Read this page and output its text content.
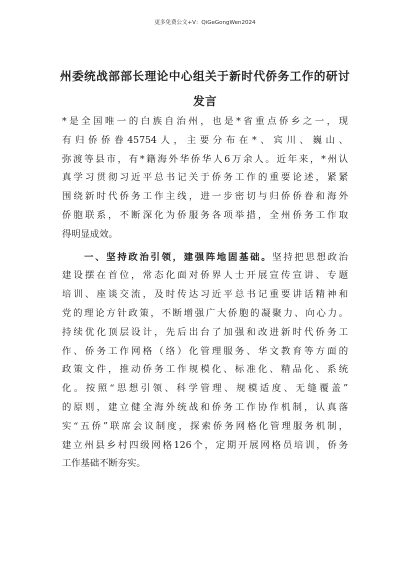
更多免费公文+V：QiGeGongWen2024
州委统战部部长理论中心组关于新时代侨务工作的研讨发言
*是全国唯一的白族自治州，也是*省重点侨乡之一，现
有归侨侨眷45754人，主要分布在*、宾川、巍山、
弥渡等县市，有*籍海外华侨华人6万余人。近年来，*州认
真学习贯彻习近平总书记关于侨务工作的重要论述，紧紧
围绕新时代侨务工作主线，进一步密切与归侨侨眷和海外
侨胞联系，不断深化为侨服务各项举措，全州侨务工作取
得明显成效。
　　一、坚持政治引领，建强阵地固基础。坚持把思想政治
建设摆在首位，常态化面对侨界人士开展宣传宣讲、专题
培训、座谈交流，及时传达习近平总书记重要讲话精神和
党的理论方针政策，不断增强广大侨胞的凝聚力、向心力。
持续优化顶层设计，先后出台了加强和改进新时代侨务工
作、侨务工作网格（络）化管理服务、华文教育等方面的
政策文件，推动侨务工作规模化、标准化、精品化、系统
化。按照“思想引领、科学管理、规模适度、无缝覆盖”
的原则，建立健全海外统战和侨务工作协作机制，认真落
实“五侨”联席会议制度，探索侨务网格化管理服务机制，
建立州县乡村四级网格126个，定期开展网格员培训，侨务
工作基础不断夯实。
